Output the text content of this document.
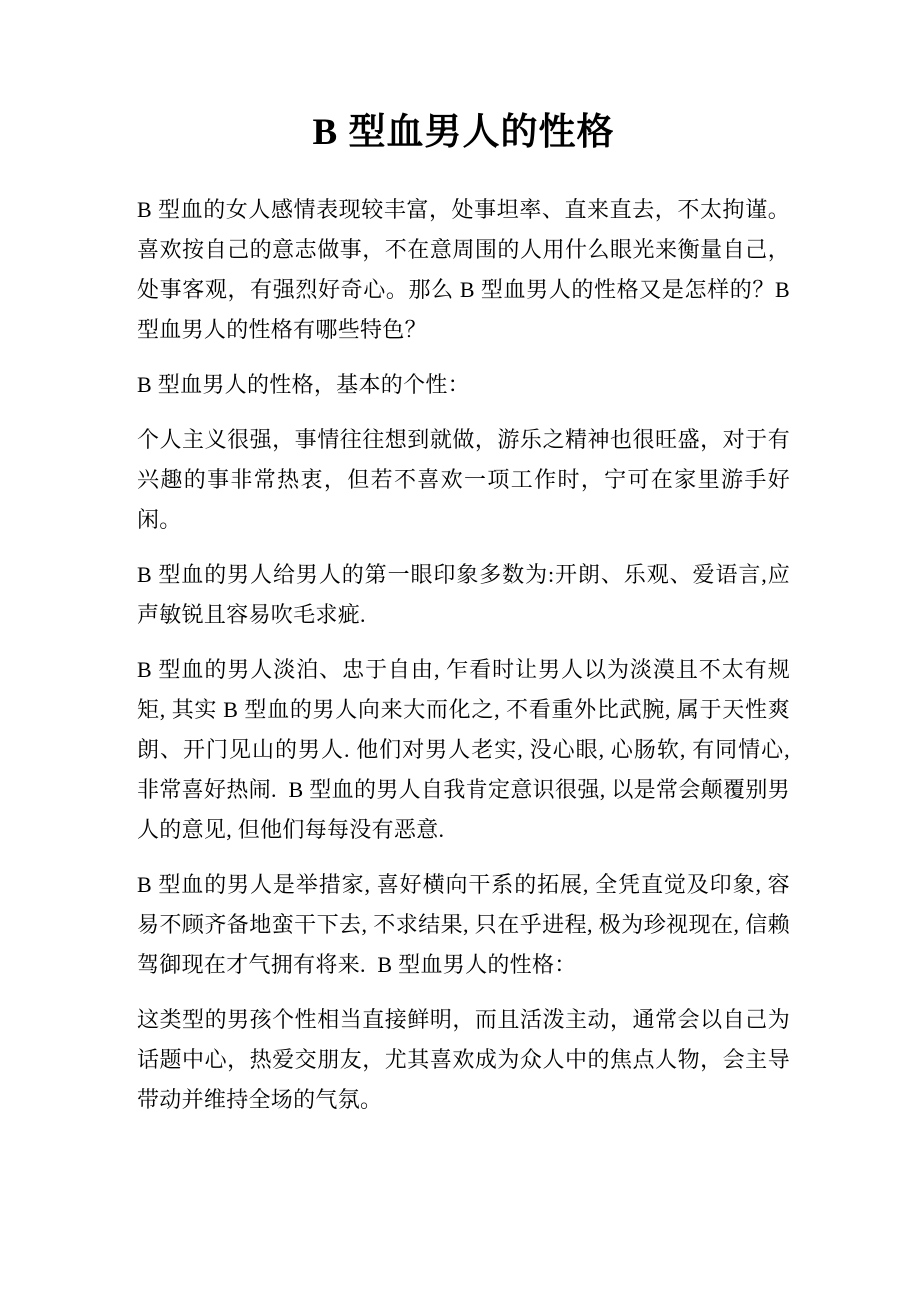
B 型血男人的性格

B 型血的女人感情表现较丰富，处事坦率、直来直去，不太拘谨。喜欢按自己的意志做事，不在意周围的人用什么眼光来衡量自己，处事客观，有强烈好奇心。那么 B 型血男人的性格又是怎样的？B 型血男人的性格有哪些特色？

B 型血男人的性格，基本的个性：

个人主义很强，事情往往想到就做，游乐之精神也很旺盛，对于有兴趣的事非常热衷，但若不喜欢一项工作时，宁可在家里游手好闲。

B 型血的男人给男人的第一眼印象多数为:开朗、乐观、爱语言,应声敏锐且容易吹毛求疵.

B 型血的男人淡泊、忠于自由, 乍看时让男人以为淡漠且不太有规矩, 其实 B 型血的男人向来大而化之, 不看重外比武腕, 属于天性爽朗、开门见山的男人. 他们对男人老实, 没心眼, 心肠软, 有同情心, 非常喜好热闹.  B 型血的男人自我肯定意识很强, 以是常会颠覆别男人的意见, 但他们每每没有恶意.

B 型血的男人是举措家, 喜好横向干系的拓展, 全凭直觉及印象, 容易不顾齐备地蛮干下去, 不求结果, 只在乎进程, 极为珍视现在, 信赖驾御现在才气拥有将来.  B 型血男人的性格：

这类型的男孩个性相当直接鲜明，而且活泼主动，通常会以自己为话题中心，热爱交朋友，尤其喜欢成为众人中的焦点人物，会主导带动并维持全场的气氛。
